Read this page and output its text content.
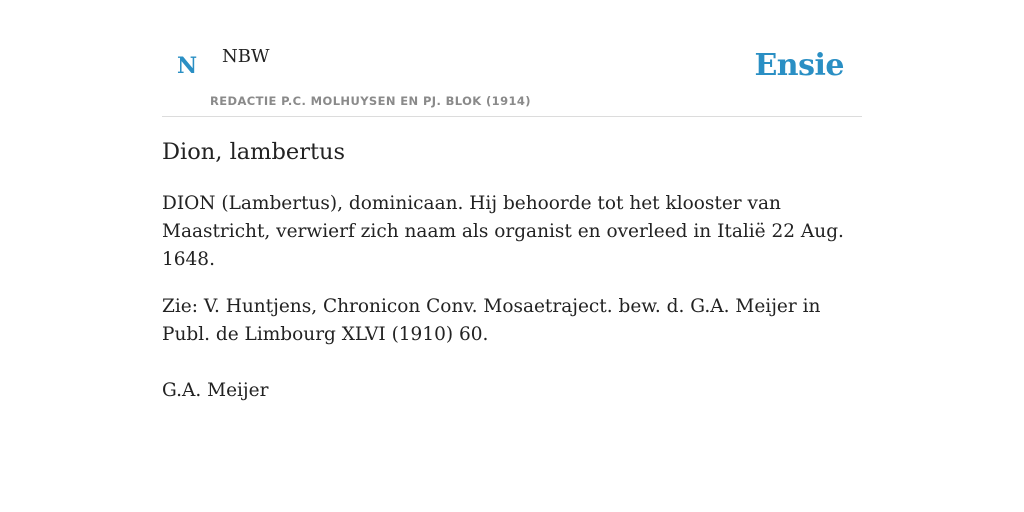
N NBW
REDACTIE P.C. MOLHUYSEN EN PJ. BLOK (1914)
Ensie
Dion, lambertus

DION (Lambertus), dominicaan. Hij behoorde tot het klooster van Maastricht, verwierf zich naam als organist en overleed in Italië 22 Aug. 1648.

Zie: V. Huntjens, Chronicon Conv. Mosaetraject. bew. d. G.A. Meijer in Publ. de Limbourg XLVI (1910) 60.

G.A. Meijer
